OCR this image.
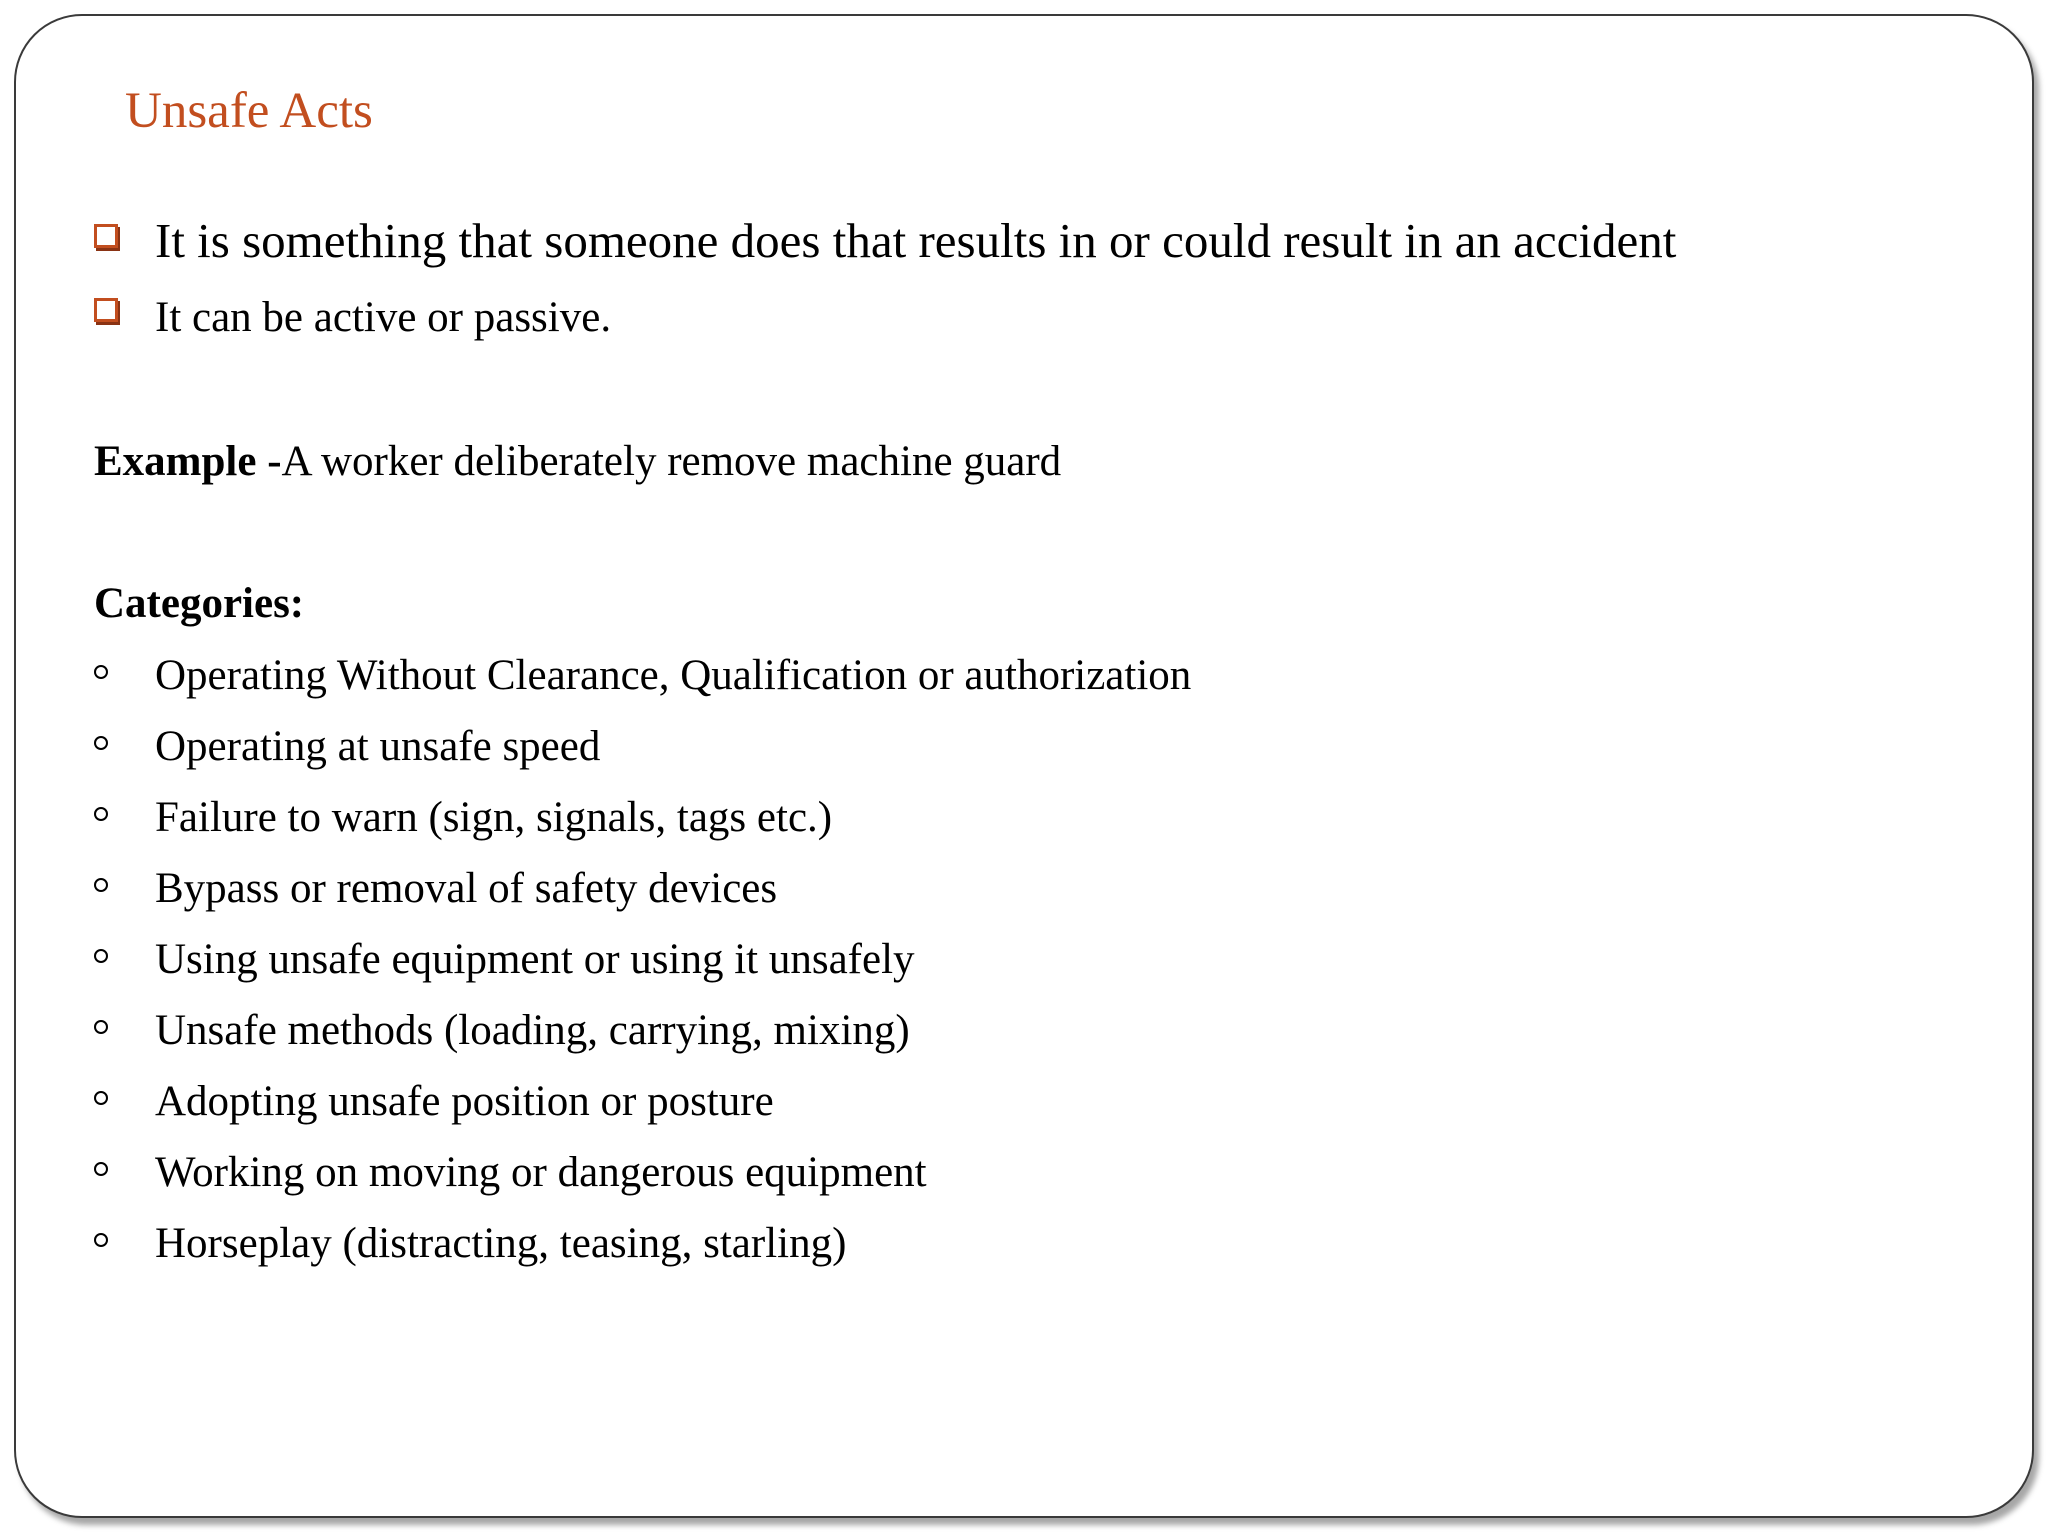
Unsafe Acts
It is something that someone does that results in or could result in an accident
It can be active or passive.
Example -A worker deliberately remove machine guard
Categories:
Operating Without Clearance, Qualification or authorization
Operating at unsafe speed
Failure to warn (sign, signals, tags etc.)
Bypass or removal of safety devices
Using unsafe equipment or using it unsafely
Unsafe methods (loading, carrying, mixing)
Adopting unsafe position or posture
Working on moving or dangerous equipment
Horseplay (distracting, teasing, starling)
